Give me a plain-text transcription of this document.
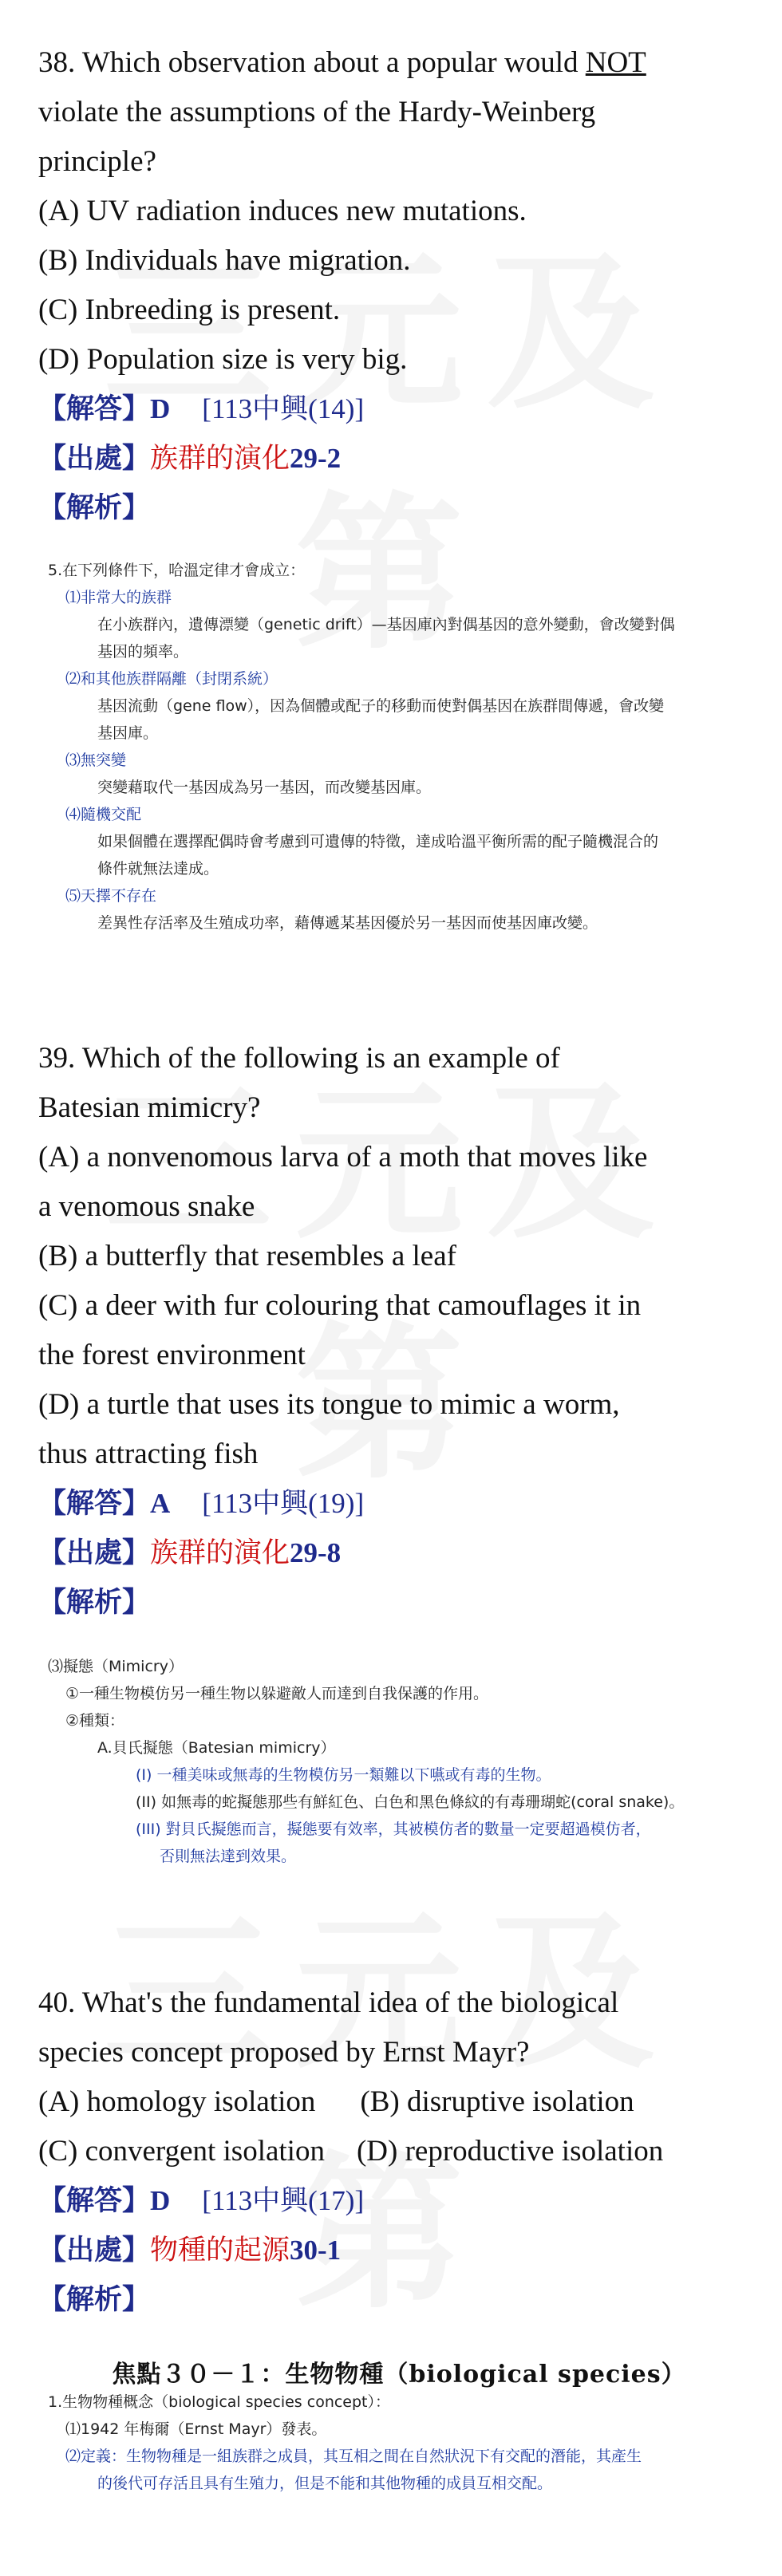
38. Which observation about a popular would NOT

violate the assumptions of the Hardy-Weinberg

principle?

(A) UV radiation induces new mutations.

(B) Individuals have migration.

(C) Inbreeding is present.

(D) Population size is very big.

【解答】D [113中興(14)]

【出處】族群的演化29-2

【解析】

5.在下列條件下，哈溫定律才會成立：

⑴非常大的族群

在小族群內，遺傳漂變（genetic drift）—基因庫內對偶基因的意外變動，會改變對偶

基因的頻率。

⑵和其他族群隔離（封閉系統）

基因流動（gene flow），因為個體或配子的移動而使對偶基因在族群間傳遞，會改變

基因庫。

⑶無突變

突變藉取代一基因成為另一基因，而改變基因庫。

⑷隨機交配

如果個體在選擇配偶時會考慮到可遺傳的特徵，達成哈溫平衡所需的配子隨機混合的

條件就無法達成。

⑸天擇不存在

差異性存活率及生殖成功率，藉傳遞某基因優於另一基因而使基因庫改變。

39. Which of the following is an example of

Batesian mimicry?

(A) a nonvenomous larva of a moth that moves like

a venomous snake

(B) a butterfly that resembles a leaf

(C) a deer with fur colouring that camouflages it in

the forest environment

(D) a turtle that uses its tongue to mimic a worm,

thus attracting fish

【解答】A [113中興(19)]

【出處】族群的演化29-8

【解析】

⑶擬態（Mimicry）

①一種生物模仿另一種生物以躲避敵人而達到自我保護的作用。

②種類：

A.貝氏擬態（Batesian mimicry）

(I) 一種美味或無毒的生物模仿另一類難以下嚥或有毒的生物。

(II) 如無毒的蛇擬態那些有鮮紅色、白色和黑色條紋的有毒珊瑚蛇(coral snake)。

(III) 對貝氏擬態而言，擬態要有效率，其被模仿者的數量一定要超過模仿者，

否則無法達到效果。

40. What's the fundamental idea of the biological

species concept proposed by Ernst Mayr?

(A) homology isolation (B) disruptive isolation

(C) convergent isolation (D) reproductive isolation

【解答】D [113中興(17)]

【出處】物種的起源30-1

【解析】

焦點３０－１：生物物種（biological species）

1.生物物種概念（biological species concept）：

⑴1942 年梅爾（Ernst Mayr）發表。

⑵定義：生物物種是一組族群之成員，其互相之間在自然狀況下有交配的潛能，其產生

的後代可存活且具有生殖力，但是不能和其他物種的成員互相交配。
